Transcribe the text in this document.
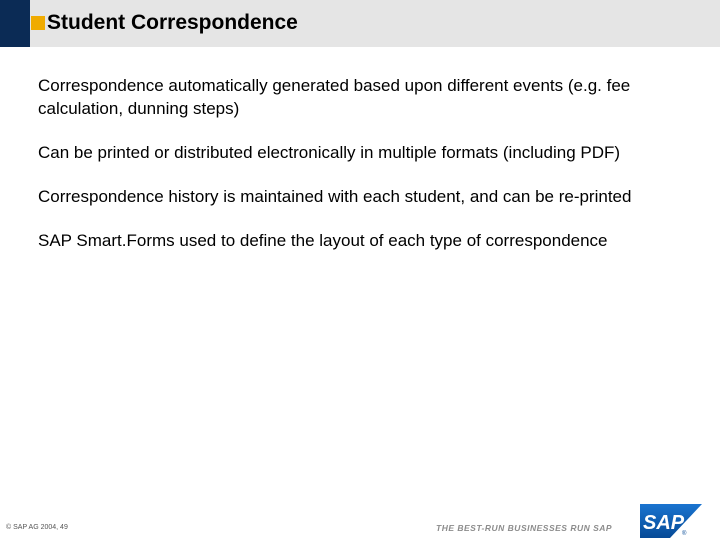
Student Correspondence
Correspondence automatically generated based upon different events (e.g. fee calculation, dunning steps)
Can be printed or distributed electronically in multiple formats (including PDF)
Correspondence history is maintained with each student, and can be re-printed
SAP Smart.Forms used to define the layout of each type of correspondence
© SAP AG 2004, 49	THE BEST-RUN BUSINESSES RUN SAP SAP
®
